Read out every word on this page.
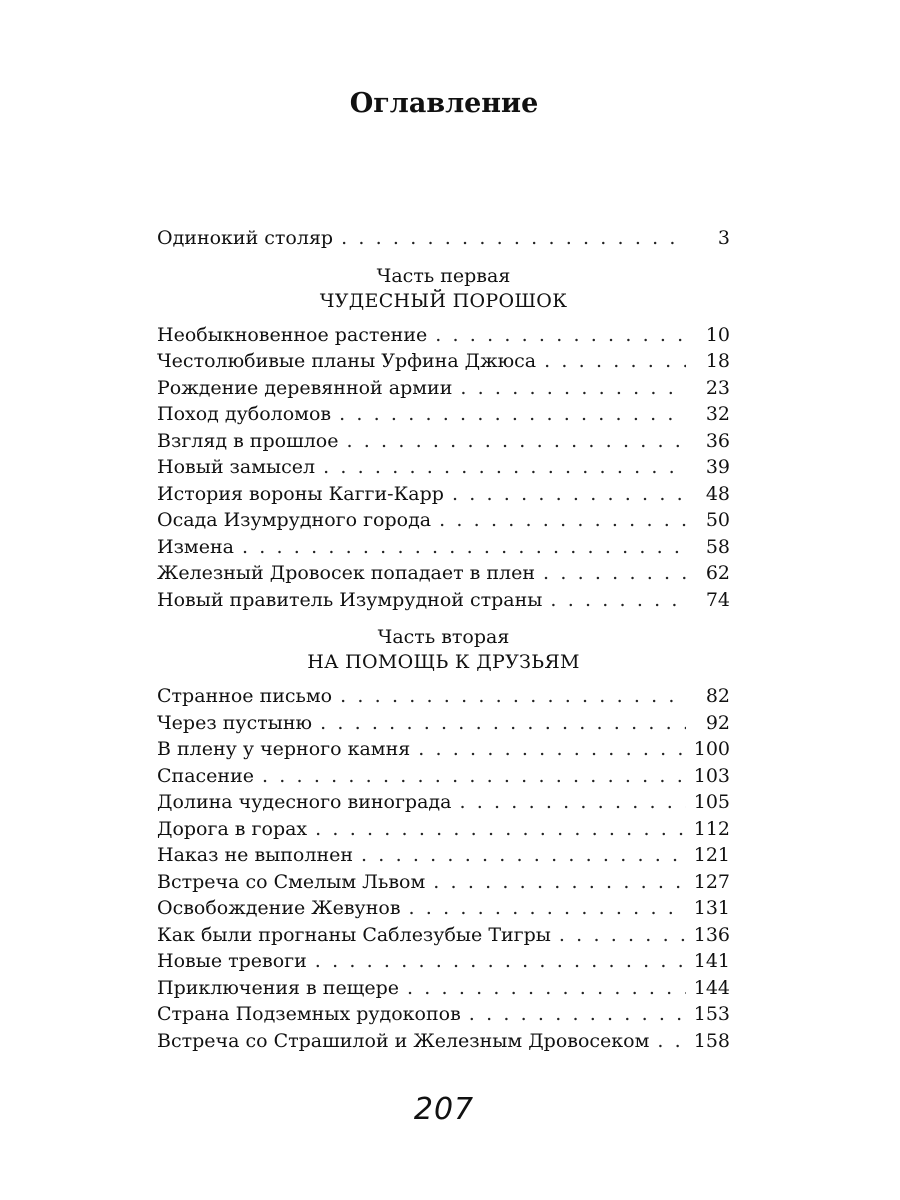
Оглавление
Одинокий столяр . . .	3
Часть первая
ЧУДЕСНЫЙ ПОРОШОК
Необыкновенное растение . . .	10
Честолюбивые планы Урфина Джюса . . .	18
Рождение деревянной армии . . .	23
Поход дуболомов . . .	32
Взгляд в прошлое . . .	36
Новый замысел . . .	39
История вороны Кагги-Карр . . .	48
Осада Изумрудного города . . .	50
Измена . . .	58
Железный Дровосек попадает в плен . . .	62
Новый правитель Изумрудной страны . . .	74
Часть вторая
НА ПОМОЩЬ К ДРУЗЬЯМ
Странное письмо . . .	82
Через пустыню . . .	92
В плену у черного камня . . .	100
Спасение . . .	103
Долина чудесного винограда . . .	105
Дорога в горах . . .	112
Наказ не выполнен . . .	121
Встреча со Смелым Львом . . .	127
Освобождение Жевунов . . .	131
Как были прогнаны Саблезубые Тигры . . .	136
Новые тревоги . . .	141
Приключения в пещере . . .	144
Страна Подземных рудокопов . . .	153
Встреча со Страшилой и Железным Дровосеком . . . 158
207
